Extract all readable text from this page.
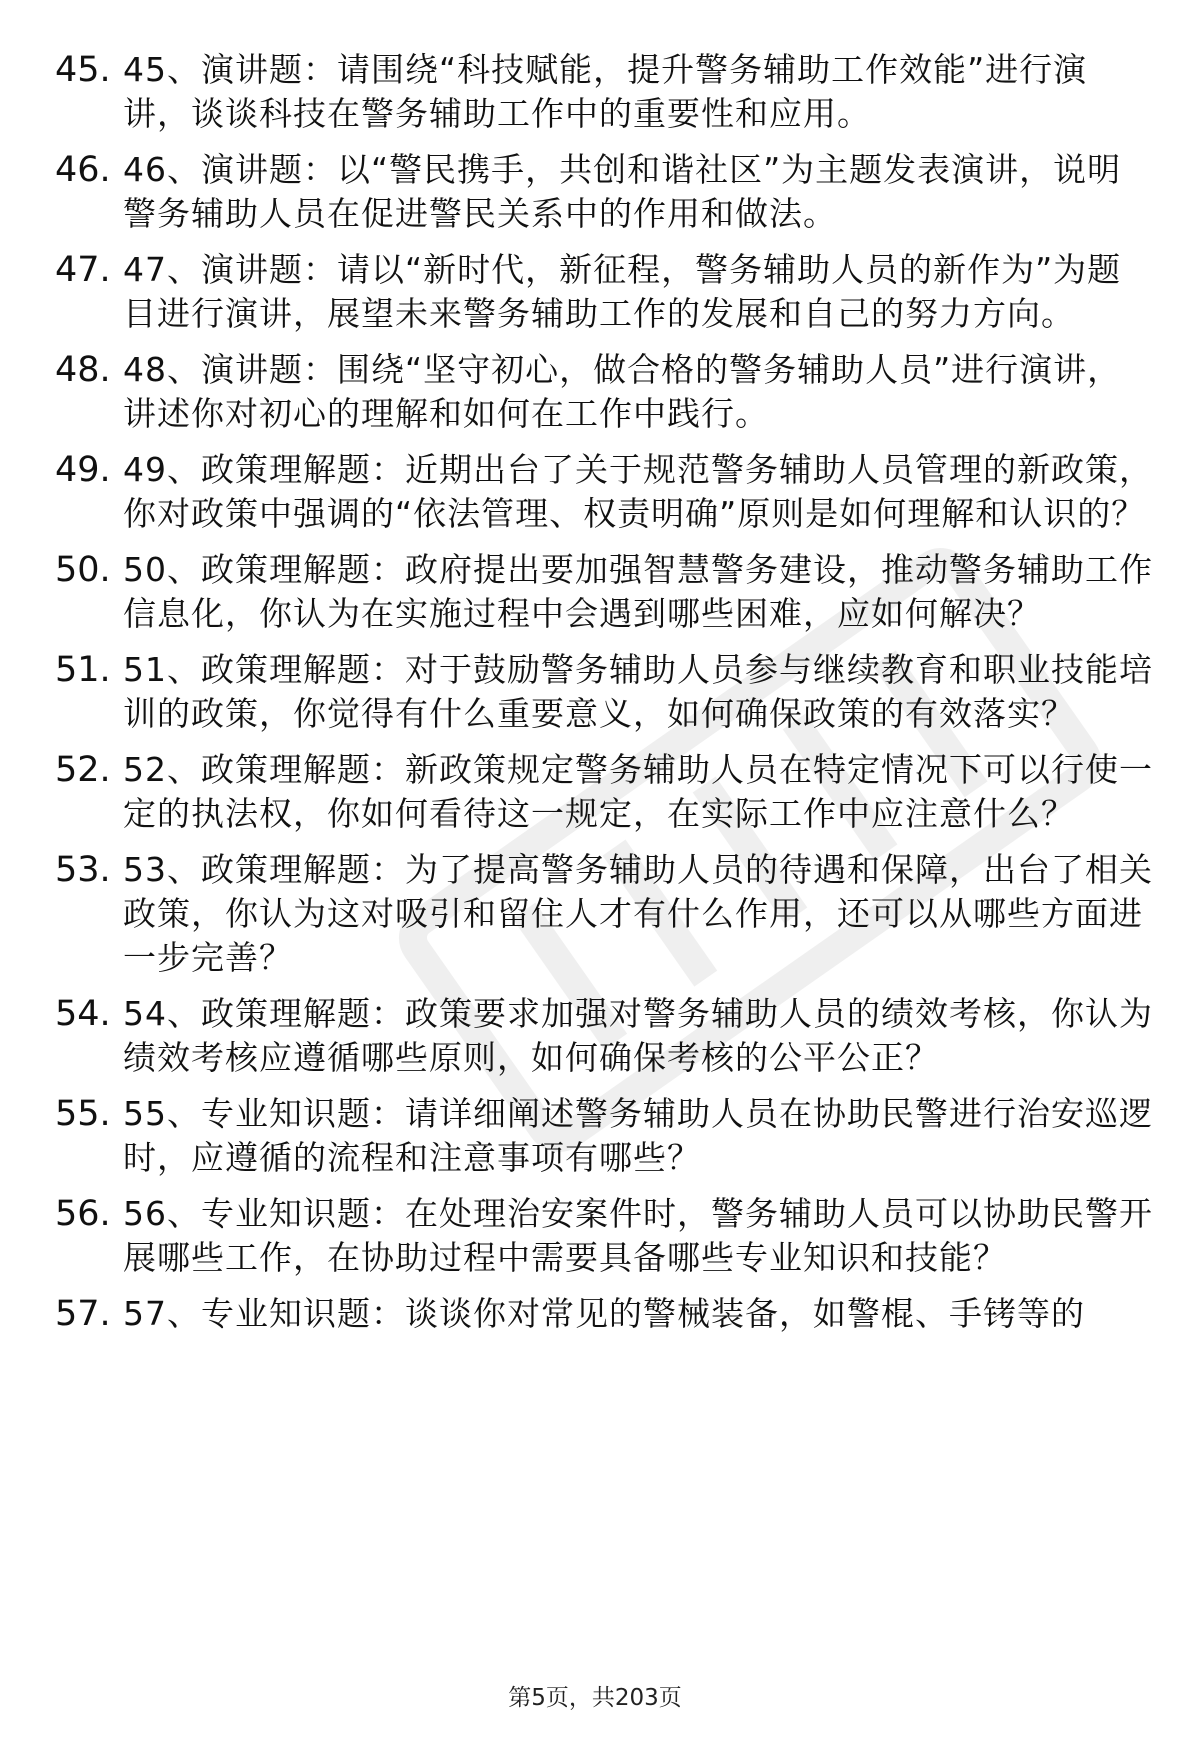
45. 45、演讲题：请围绕“科技赋能，提升警务辅助工作效能”进行演讲，谈谈科技在警务辅助工作中的重要性和应用。
46. 46、演讲题：以“警民携手，共创和谐社区”为主题发表演讲，说明警务辅助人员在促进警民关系中的作用和做法。
47. 47、演讲题：请以“新时代，新征程，警务辅助人员的新作为”为题目进行演讲，展望未来警务辅助工作的发展和自己的努力方向。
48. 48、演讲题：围绕“坚守初心，做合格的警务辅助人员”进行演讲，讲述你对初心的理解和如何在工作中践行。
49. 49、政策理解题：近期出台了关于规范警务辅助人员管理的新政策，你对政策中强调的“依法管理、权责明确”原则是如何理解和认识的？
50. 50、政策理解题：政府提出要加强智慧警务建设，推动警务辅助工作信息化，你认为在实施过程中会遇到哪些困难，应如何解决？
51. 51、政策理解题：对于鼓励警务辅助人员参与继续教育和职业技能培训的政策，你觉得有什么重要意义，如何确保政策的有效落实？
52. 52、政策理解题：新政策规定警务辅助人员在特定情况下可以行使一定的执法权，你如何看待这一规定，在实际工作中应注意什么？
53. 53、政策理解题：为了提高警务辅助人员的待遇和保障，出台了相关政策，你认为这对吸引和留住人才有什么作用，还可以从哪些方面进一步完善？
54. 54、政策理解题：政策要求加强对警务辅助人员的绩效考核，你认为绩效考核应遵循哪些原则，如何确保考核的公平公正？
55. 55、专业知识题：请详细阐述警务辅助人员在协助民警进行治安巡逻时，应遵循的流程和注意事项有哪些？
56. 56、专业知识题：在处理治安案件时，警务辅助人员可以协助民警开展哪些工作，在协助过程中需要具备哪些专业知识和技能？
57. 57、专业知识题：谈谈你对常见的警械装备，如警棍、手铐等的
第5页，共203页
